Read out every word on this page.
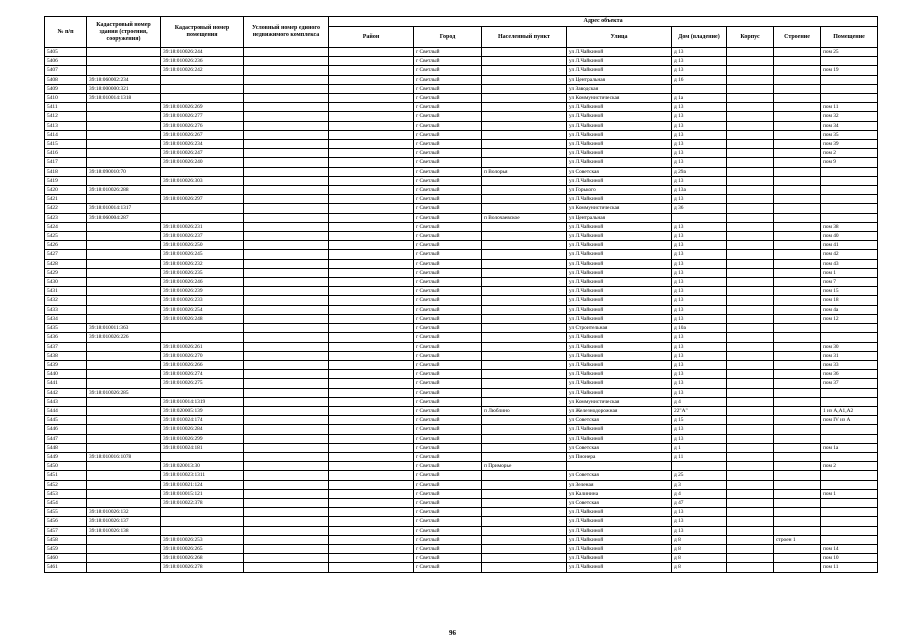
№ п/п	Кадастровый номер здания (строения, сооружения)	Кадастровый номер помещения	Условный номер единого недвижимого комплекса	Адрес объекта							
				Район	Город	Населенный пункт	Улица	Дом (владение)	Корпус	Строение	Помещение
5405		39:18:010026:244			г Светлый		ул Л.Чайкиной	д 13			пом 25
5406		39:18:010026:236			г Светлый		ул Л.Чайкиной	д 13			
5407		39:18:010026:242			г Светлый		ул Л.Чайкиной	д 13			пом 19
5408	39:18:060002:234				г Светлый		ул Центральная	д 16			
5409	39:18:000000:321				г Светлый		ул Заводская				
5410	39:18:010014:1318				г Светлый		ул Коммунистическая	д 1а			
5411		39:18:010026:269			г Светлый		ул Л.Чайкиной	д 13			пом 11
5412		39:18:010026:277			г Светлый		ул Л.Чайкиной	д 13			пом 32
5413		39:18:010026:276			г Светлый		ул Л.Чайкиной	д 13			пом 34
5414		39:18:010026:267			г Светлый		ул Л.Чайкиной	д 13			пом 35
5415		39:18:010026:234			г Светлый		ул Л.Чайкиной	д 13			пом 39
5416		39:18:010026:247			г Светлый		ул Л.Чайкиной	д 13			пом 2
5417		39:18:010026:240			г Светлый		ул Л.Чайкиной	д 13			пом 9
5418	39:18:090010:70				г Светлый	п Волорья	ул Советская	д 29а			
5419		39:18:010026:303			г Светлый		ул Л.Чайкиной	д 13			
5420	39:18:010026:288				г Светлый		ул Горького	д 13а			
5421		39:18:010026:297			г Светлый		ул Л.Чайкиной	д 13			
5422	39:18:010014:1317				г Светлый		ул Коммунистическая	д 36			
5423	39:18:060004:287				г Светлый	п Волочаевское	ул Центральная				
5424		39:18:010026:231			г Светлый		ул Л.Чайкиной	д 13			пом 38
5425		39:18:010026:237			г Светлый		ул Л.Чайкиной	д 13			пом 40
5426		39:18:010026:250			г Светлый		ул Л.Чайкиной	д 13			пом 41
5427		39:18:010026:245			г Светлый		ул Л.Чайкиной	д 13			пом 42
5428		39:18:010026:232			г Светлый		ул Л.Чайкиной	д 13			пом 43
5429		39:18:010026:235			г Светлый		ул Л.Чайкиной	д 13			пом 1
5430		39:18:010026:246			г Светлый		ул Л.Чайкиной	д 13			пом 7
5431		39:18:010026:239			г Светлый		ул Л.Чайкиной	д 13			пом 15
5432		39:18:010026:233			г Светлый		ул Л.Чайкиной	д 13			пом 18
5433		39:18:010026:254			г Светлый		ул Л.Чайкиной	д 13			пом 4а
5434		39:18:010026:248			г Светлый		ул Л.Чайкиной	д 13			пом 12
5435	39:18:010011:363				г Светлый		ул Строительная	д 10а			
5436	39:18:010026:226				г Светлый		ул Л.Чайкиной	д 13			
5437		39:18:010026:261			г Светлый		ул Л.Чайкиной	д 13			пом 30
5438		39:18:010026:270			г Светлый		ул Л.Чайкиной	д 13			пом 31
5439		39:18:010026:266			г Светлый		ул Л.Чайкиной	д 13			пом 33
5440		39:18:010026:274			г Светлый		ул Л.Чайкиной	д 13			пом 36
5441		39:18:010026:275			г Светлый		ул Л.Чайкиной	д 13			пом 37
5442	39:18:010026:285				г Светлый		ул Л.Чайкиной	д 13			
5443		39:18:010014:1319			г Светлый		ул Коммунистическая	д 4			
5444		39:18:020005:139			г Светлый	п Люблино	ул Железнодорожная	22"А"			1 из А,А1,А2
5445		39:18:010024:174			г Светлый		ул Советская	д 15			пом IV из А
5446		39:18:010026:284			г Светлый		ул Л.Чайкиной	д 13			
5447		39:18:010026:299			г Светлый		ул Л.Чайкиной	д 13			
5448		39:18:010024:181			г Светлый		ул Советская	д 1			пом 1а
5449	39:18:010016:1078				г Светлый		ул Пионера	д 11			
5450		39:18:020013:30			г Светлый	п Приморье					пом 2
5451		39:18:010023:1311			г Светлый		ул Советская	д 25			
5452		39:18:010021:124			г Светлый		ул Зеленая	д 3			
5453		39:18:010015:121			г Светлый		ул Калинина	д 4			пом 1
5454		39:18:010022:378			г Светлый		ул Советская	д 47			
5455	39:18:010026:132				г Светлый		ул Л.Чайкиной	д 13			
5456	39:18:010026:137				г Светлый		ул Л.Чайкиной	д 13			
5457	39:18:010026:138				г Светлый		ул Л.Чайкиной	д 13			
5458		39:18:010026:253			г Светлый		ул Л.Чайкиной	д 8		строен 1	
5459		39:18:010026:265			г Светлый		ул Л.Чайкиной	д 8			пом 14
5460		39:18:010026:268			г Светлый		ул Л.Чайкиной	д 8			пом 10
5461		39:18:010026:278			г Светлый		ул Л.Чайкиной	д 8			пом 11
96
